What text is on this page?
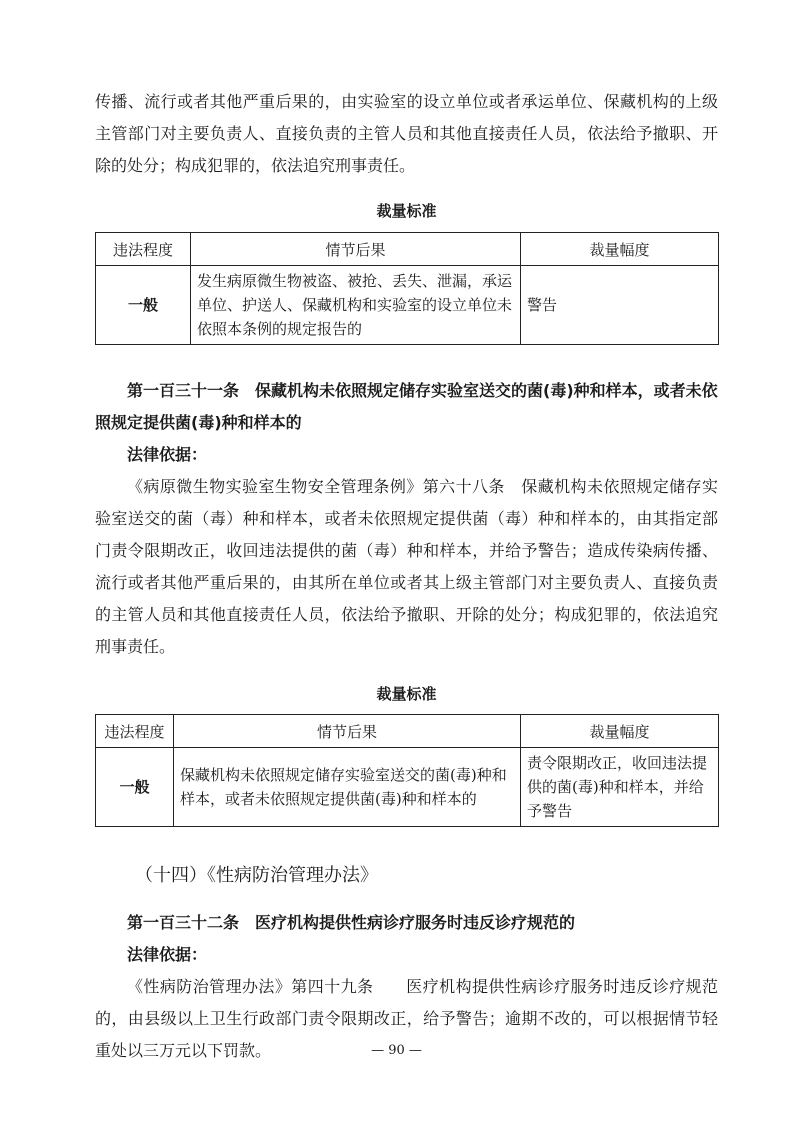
传播、流行或者其他严重后果的，由实验室的设立单位或者承运单位、保藏机构的上级主管部门对主要负责人、直接负责的主管人员和其他直接责任人员，依法给予撤职、开除的处分；构成犯罪的，依法追究刑事责任。

裁量标准

违法程度	情节后果	裁量幅度
一般	发生病原微生物被盗、被抢、丢失、泄漏，承运单位、护送人、保藏机构和实验室的设立单位未依照本条例的规定报告的	警告

第一百三十一条　保藏机构未依照规定储存实验室送交的菌(毒)种和样本，或者未依照规定提供菌(毒)种和样本的

法律依据：

《病原微生物实验室生物安全管理条例》第六十八条　保藏机构未依照规定储存实验室送交的菌（毒）种和样本，或者未依照规定提供菌（毒）种和样本的，由其指定部门责令限期改正，收回违法提供的菌（毒）种和样本，并给予警告；造成传染病传播、流行或者其他严重后果的，由其所在单位或者其上级主管部门对主要负责人、直接负责的主管人员和其他直接责任人员，依法给予撤职、开除的处分；构成犯罪的，依法追究刑事责任。

裁量标准

违法程度	情节后果	裁量幅度
一般	保藏机构未依照规定储存实验室送交的菌(毒)种和样本，或者未依照规定提供菌(毒)种和样本的	责令限期改正，收回违法提供的菌(毒)种和样本，并给予警告

（十四）《性病防治管理办法》

第一百三十二条　医疗机构提供性病诊疗服务时违反诊疗规范的

法律依据：

《性病防治管理办法》第四十九条　　医疗机构提供性病诊疗服务时违反诊疗规范的，由县级以上卫生行政部门责令限期改正，给予警告；逾期不改的，可以根据情节轻重处以三万元以下罚款。	— 90 —
